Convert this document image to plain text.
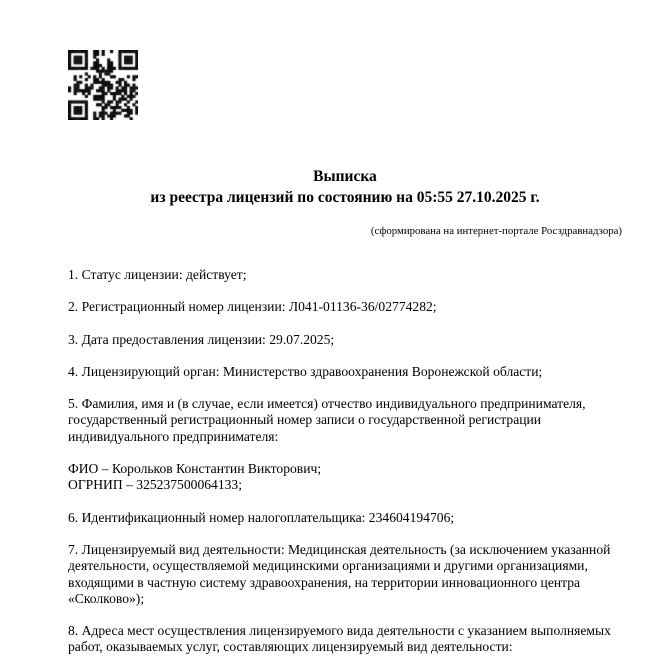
Выписка
из реестра лицензий по состоянию на 05:55 27.10.2025 г.
(сформирована на интернет-портале Росздравнадзора)
1. Статус лицензии: действует;
2. Регистрационный номер лицензии: Л041-01136-36/02774282;
3. Дата предоставления лицензии: 29.07.2025;
4. Лицензирующий орган: Министерство здравоохранения Воронежской области;
5. Фамилия, имя и (в случае, если имеется) отчество индивидуального предпринимателя, государственный регистрационный номер записи о государственной регистрации индивидуального предпринимателя:
ФИО – Корольков Константин Викторович;
ОГРНИП – 325237500064133;
6. Идентификационный номер налогоплательщика: 234604194706;
7. Лицензируемый вид деятельности: Медицинская деятельность (за исключением указанной деятельности, осуществляемой медицинскими организациями и другими организациями, входящими в частную систему здравоохранения, на территории инновационного центра «Сколково»);
8. Адреса мест осуществления лицензируемого вида деятельности с указанием выполняемых работ, оказываемых услуг, составляющих лицензируемый вид деятельности:
